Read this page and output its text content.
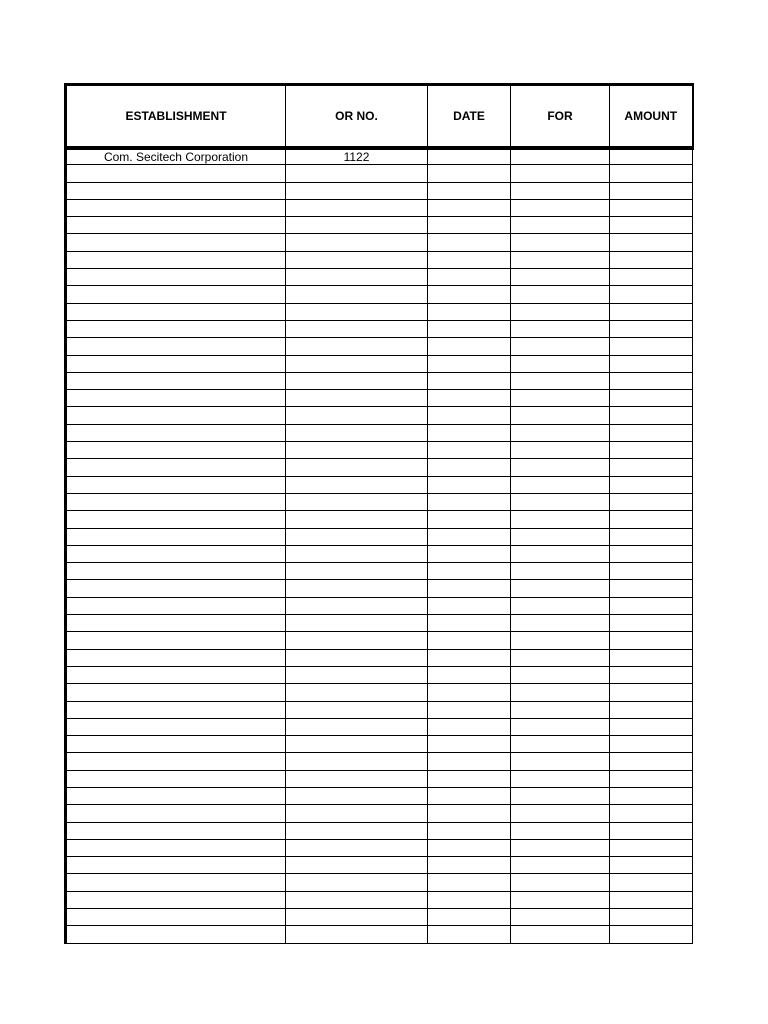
ESTABLISHMENT	OR NO.	DATE	FOR	AMOUNT
Com. Secitech Corporation	1122			
